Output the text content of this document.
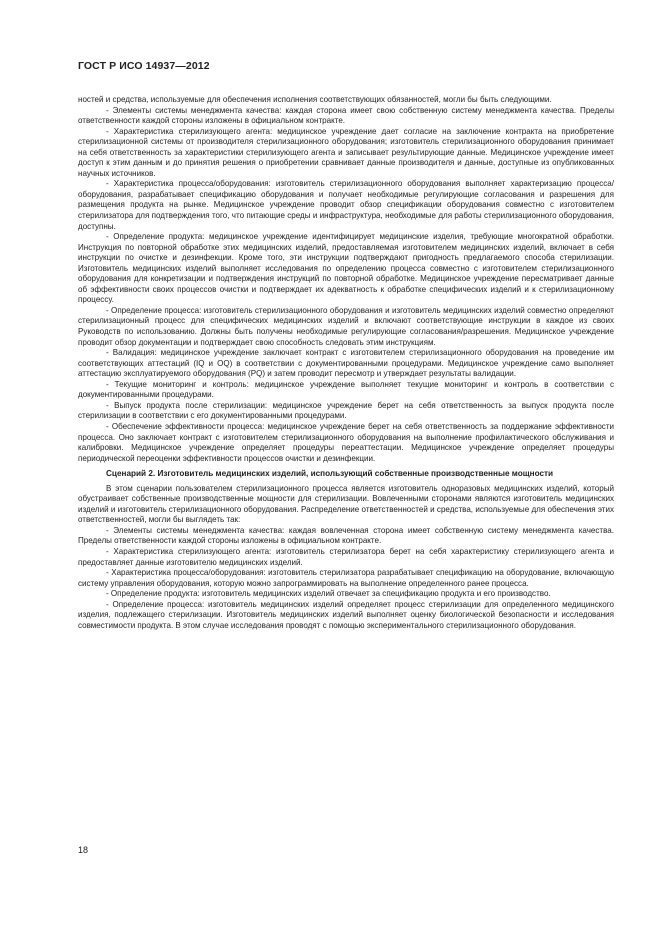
ГОСТ Р ИСО 14937—2012

ностей и средства, используемые для обеспечения исполнения соответствующих обязанностей, могли бы быть следующими.

- Элементы системы менеджмента качества: каждая сторона имеет свою собственную систему менеджмента качества. Пределы ответственности каждой стороны изложены в официальном контракте.

- Характеристика стерилизующего агента: медицинское учреждение дает согласие на заключение контракта на приобретение стерилизационной системы от производителя стерилизационного оборудования; изготовитель стерилизационного оборудования принимает на себя ответственность за характеристики стерилизующего агента и записывает результирующие данные. Медицинское учреждение имеет доступ к этим данным и до принятия решения о приобретении сравнивает данные производителя и данные, доступные из опубликованных научных источников.

- Характеристика процесса/оборудования: изготовитель стерилизационного оборудования выполняет характеризацию процесса/оборудования, разрабатывает спецификацию оборудования и получает необходимые регулирующие согласования и разрешения для размещения продукта на рынке. Медицинское учреждение проводит обзор спецификации оборудования совместно с изготовителем стерилизатора для подтверждения того, что питающие среды и инфраструктура, необходимые для работы стерилизационного оборудования, доступны.

- Определение продукта: медицинское учреждение идентифицирует медицинские изделия, требующие многократной обработки. Инструкция по повторной обработке этих медицинских изделий, предоставляемая изготовителем медицинских изделий, включает в себя инструкции по очистке и дезинфекции. Кроме того, эти инструкции подтверждают пригодность предлагаемого способа стерилизации. Изготовитель медицинских изделий выполняет исследования по определению процесса совместно с изготовителем стерилизационного оборудования для конкретизации и подтверждения инструкций по повторной обработке. Медицинское учреждение пересматривает данные об эффективности своих процессов очистки и подтверждает их адекватность к обработке специфических изделий и к стерилизационному процессу.

- Определение процесса: изготовитель стерилизационного оборудования и изготовитель медицинских изделий совместно определяют стерилизационный процесс для специфических медицинских изделий и включают соответствующие инструкции в каждое из своих Руководств по использованию. Должны быть получены необходимые регулирующие согласования/разрешения. Медицинское учреждение проводит обзор документации и подтверждает свою способность следовать этим инструкциям.

- Валидация: медицинское учреждение заключает контракт с изготовителем стерилизационного оборудования на проведение им соответствующих аттестаций (IQ и OQ) в соответствии с документированными процедурами. Медицинское учреждение само выполняет аттестацию эксплуатируемого оборудования (PQ) и затем проводит пересмотр и утверждает результаты валидации.

- Текущие мониторинг и контроль: медицинское учреждение выполняет текущие мониторинг и контроль в соответствии с документированными процедурами.

- Выпуск продукта после стерилизации: медицинское учреждение берет на себя ответственность за выпуск продукта после стерилизации в соответствии с его документированными процедурами.

- Обеспечение эффективности процесса: медицинское учреждение берет на себя ответственность за поддержание эффективности процесса. Оно заключает контракт с изготовителем стерилизационного оборудования на выполнение профилактического обслуживания и калибровки. Медицинское учреждение определяет процедуры переаттестации. Медицинское учреждение определяет процедуры периодической переоценки эффективности процессов очистки и дезинфекции.

Сценарий 2. Изготовитель медицинских изделий, использующий собственные производственные мощности

В этом сценарии пользователем стерилизационного процесса является изготовитель одноразовых медицинских изделий, который обустраивает собственные производственные мощности для стерилизации. Вовлеченными сторонами являются изготовитель медицинских изделий и изготовитель стерилизационного оборудования. Распределение ответственностей и средства, используемые для обеспечения этих ответственностей, могли бы выглядеть так:

- Элементы системы менеджмента качества: каждая вовлеченная сторона имеет собственную систему менеджмента качества. Пределы ответственности каждой стороны изложены в официальном контракте.

- Характеристика стерилизующего агента: изготовитель стерилизатора берет на себя характеристику стерилизующего агента и предоставляет данные изготовителю медицинских изделий.

- Характеристика процесса/оборудования: изготовитель стерилизатора разрабатывает спецификацию на оборудование, включающую систему управления оборудования, которую можно запрограммировать на выполнение определенного ранее процесса.

- Определение продукта: изготовитель медицинских изделий отвечает за спецификацию продукта и его производство.

- Определение процесса: изготовитель медицинских изделий определяет процесс стерилизации для определенного медицинского изделия, подлежащего стерилизации. Изготовитель медицинских изделий выполняет оценку биологической безопасности и исследования совместимости продукта. В этом случае исследования проводят с помощью экспериментального стерилизационного оборудования.

18
